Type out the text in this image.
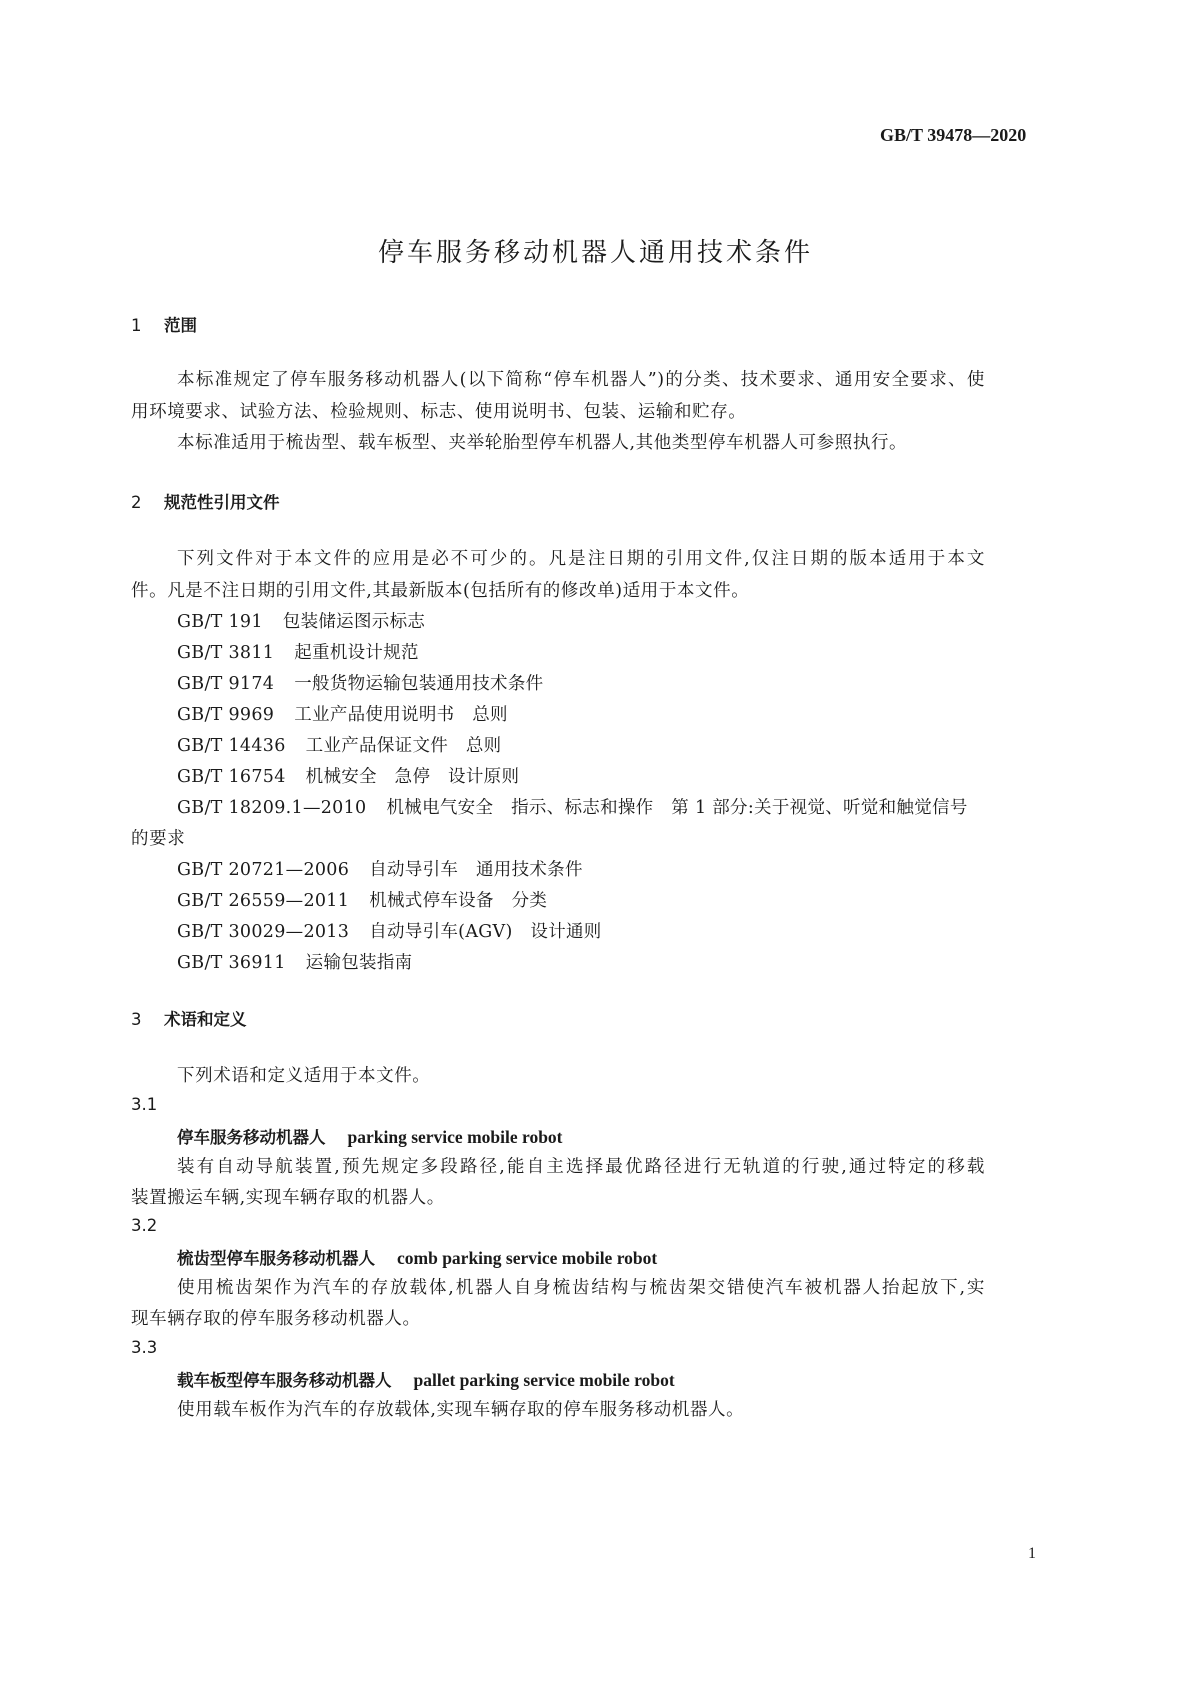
GB/T 39478—2020
停车服务移动机器人通用技术条件
1 范围
本标准规定了停车服务移动机器人(以下简称“停车机器人”)的分类、技术要求、通用安全要求、使
用环境要求、试验方法、检验规则、标志、使用说明书、包装、运输和贮存。
本标准适用于梳齿型、载车板型、夹举轮胎型停车机器人,其他类型停车机器人可参照执行。
2 规范性引用文件
下列文件对于本文件的应用是必不可少的。凡是注日期的引用文件,仅注日期的版本适用于本文
件。凡是不注日期的引用文件,其最新版本(包括所有的修改单)适用于本文件。
GB/T 191 包装储运图示标志
GB/T 3811 起重机设计规范
GB/T 9174 一般货物运输包装通用技术条件
GB/T 9969 工业产品使用说明书　总则
GB/T 14436 工业产品保证文件　总则
GB/T 16754 机械安全　急停　设计原则
GB/T 18209.1—2010 机械电气安全　指示、标志和操作　第 1 部分:关于视觉、听觉和触觉信号
的要求
GB/T 20721—2006 自动导引车　通用技术条件
GB/T 26559—2011 机械式停车设备　分类
GB/T 30029—2013 自动导引车(AGV)　设计通则
GB/T 36911 运输包装指南
3 术语和定义
下列术语和定义适用于本文件。
3.1
停车服务移动机器人 parking service mobile robot
装有自动导航装置,预先规定多段路径,能自主选择最优路径进行无轨道的行驶,通过特定的移载
装置搬运车辆,实现车辆存取的机器人。
3.2
梳齿型停车服务移动机器人 comb parking service mobile robot
使用梳齿架作为汽车的存放载体,机器人自身梳齿结构与梳齿架交错使汽车被机器人抬起放下,实
现车辆存取的停车服务移动机器人。
3.3
载车板型停车服务移动机器人 pallet parking service mobile robot
使用载车板作为汽车的存放载体,实现车辆存取的停车服务移动机器人。
1
